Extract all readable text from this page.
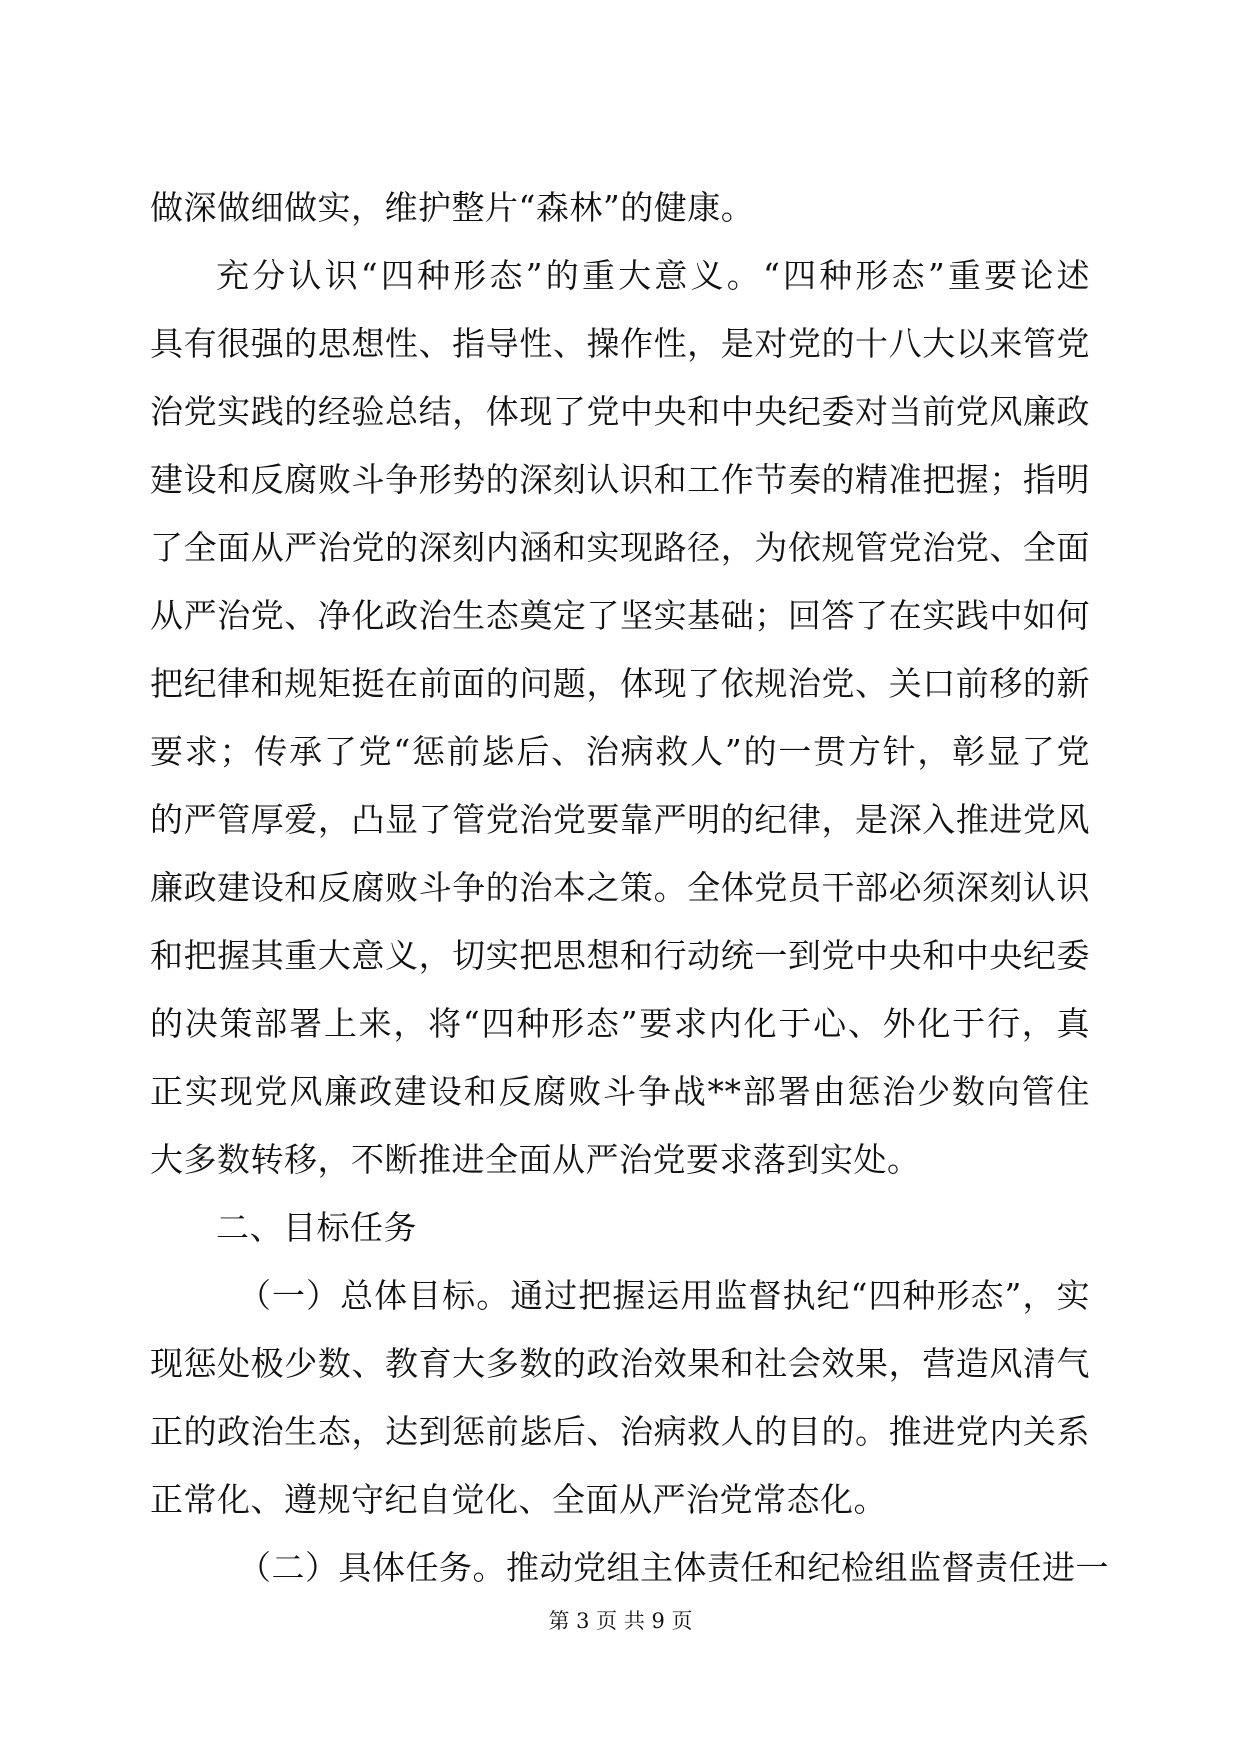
做深做细做实，维护整片“森林”的健康。
充分认识“四种形态”的重大意义。“四种形态”重要论述
具有很强的思想性、指导性、操作性，是对党的十八大以来管党
治党实践的经验总结，体现了党中央和中央纪委对当前党风廉政
建设和反腐败斗争形势的深刻认识和工作节奏的精准把握；指明
了全面从严治党的深刻内涵和实现路径，为依规管党治党、全面
从严治党、净化政治生态奠定了坚实基础；回答了在实践中如何
把纪律和规矩挺在前面的问题，体现了依规治党、关口前移的新
要求；传承了党“惩前毖后、治病救人”的一贯方针，彰显了党
的严管厚爱，凸显了管党治党要靠严明的纪律，是深入推进党风
廉政建设和反腐败斗争的治本之策。全体党员干部必须深刻认识
和把握其重大意义，切实把思想和行动统一到党中央和中央纪委
的决策部署上来，将“四种形态”要求内化于心、外化于行，真
正实现党风廉政建设和反腐败斗争战**部署由惩治少数向管住
大多数转移，不断推进全面从严治党要求落到实处。
二、目标任务
（一）总体目标。通过把握运用监督执纪“四种形态”，实
现惩处极少数、教育大多数的政治效果和社会效果，营造风清气
正的政治生态，达到惩前毖后、治病救人的目的。推进党内关系
正常化、遵规守纪自觉化、全面从严治党常态化。
（二）具体任务。推动党组主体责任和纪检组监督责任进一
第 3 页 共 9 页
